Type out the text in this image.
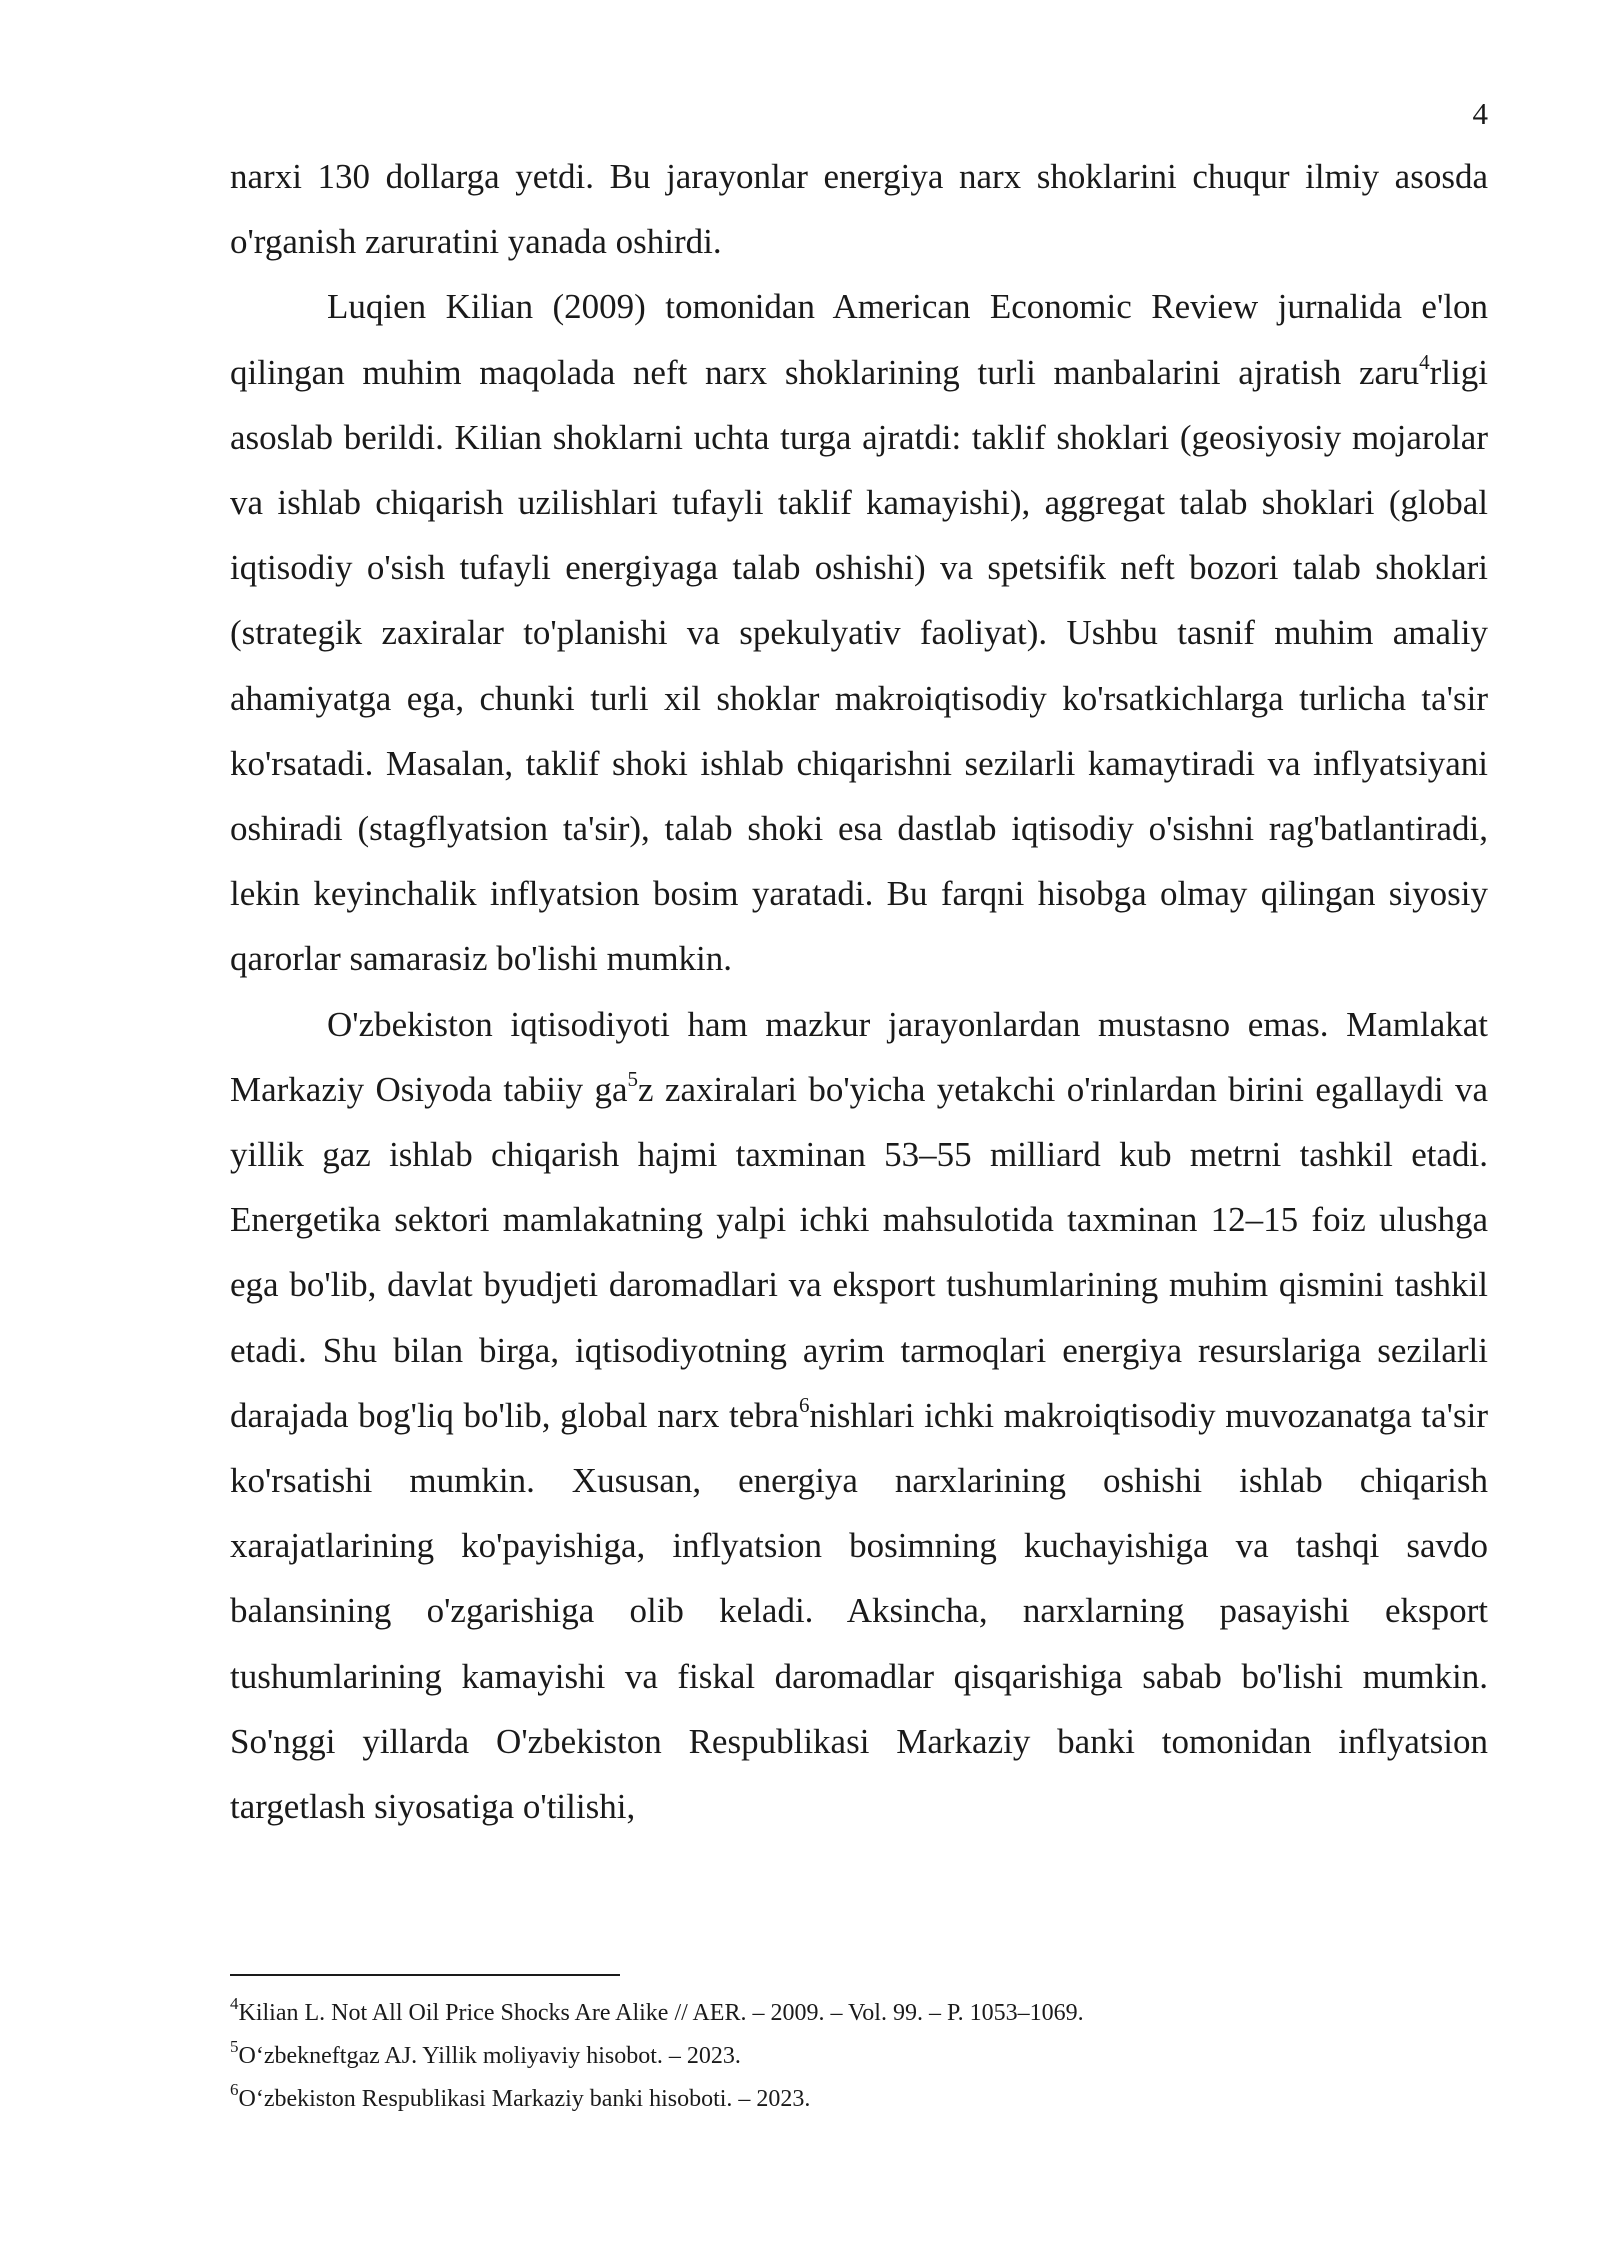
4

narxi 130 dollarga yetdi. Bu jarayonlar energiya narx shoklarini chuqur ilmiy asosda o'rganish zaruratini yanada oshirdi.

Luqien Kilian (2009) tomonidan American Economic Review jurnalida e'lon qilingan muhim maqolada neft narx shoklarining turli manbalarini ajratish zaru$^4$rligi asoslab berildi. Kilian shoklarni uchta turga ajratdi: taklif shoklari (geosiyosiy mojarolar va ishlab chiqarish uzilishlari tufayli taklif kamayishi), aggregat talab shoklari (global iqtisodiy o'sish tufayli energiyaga talab oshishi) va spetsifik neft bozori talab shoklari (strategik zaxiralar to'planishi va spekulyativ faoliyat). Ushbu tasnif muhim amaliy ahamiyatga ega, chunki turli xil shoklar makroiqtisodiy ko'rsatkichlarga turlicha ta'sir ko'rsatadi. Masalan, taklif shoki ishlab chiqarishni sezilarli kamaytiradi va inflyatsiyani oshiradi (stagflyatsion ta'sir), talab shoki esa dastlab iqtisodiy o'sishni rag'batlantiradi, lekin keyinchalik inflyatsion bosim yaratadi. Bu farqni hisobga olmay qilingan siyosiy qarorlar samarasiz bo'lishi mumkin.

O'zbekiston iqtisodiyoti ham mazkur jarayonlardan mustasno emas. Mamlakat Markaziy Osiyoda tabiiy $ga^5z$ zaxiralari bo'yicha yetakchi o'rinlardan birini egallaydi va yillik gaz ishlab chiqarish hajmi taxminan 53–55 milliard kub metrni tashkil etadi. Energetika sektori mamlakatning yalpi ichki mahsulotida taxminan 12–15 foiz ulushga ega bo'lib, davlat byudjeti daromadlari va eksport tushumlarining muhim qismini tashkil etadi. Shu bilan birga, iqtisodiyotning ayrim tarmoqlari energiya resurslariga sezilarli darajada bog'liq bo'lib, global narx tebra$^6$nishlari ichki makroiqtisodiy muvozanatga ta'sir ko'rsatishi mumkin. Xususan, energiya narxlarining oshishi ishlab chiqarish xarajatlarining ko'payishiga, inflyatsion bosimning kuchayishiga va tashqi savdo balansining o'zgarishiga olib keladi. Aksincha, narxlarning pasayishi eksport tushumlarining kamayishi va fiskal daromadlar qisqarishiga sabab bo'lishi mumkin. So'nggi yillarda O'zbekiston Respublikasi Markaziy banki tomonidan inflyatsion targetlash siyosatiga o'tilishi,

$^4$Kilian L. Not All Oil Price Shocks Are Alike // AER. – 2009. – Vol. 99. – P. 1053–1069.
$^5$O‘zbekneftgaz AJ. Yillik moliyaviy hisobot. – 2023.
$^6$O‘zbekiston Respublikasi Markaziy banki hisoboti. – 2023.
